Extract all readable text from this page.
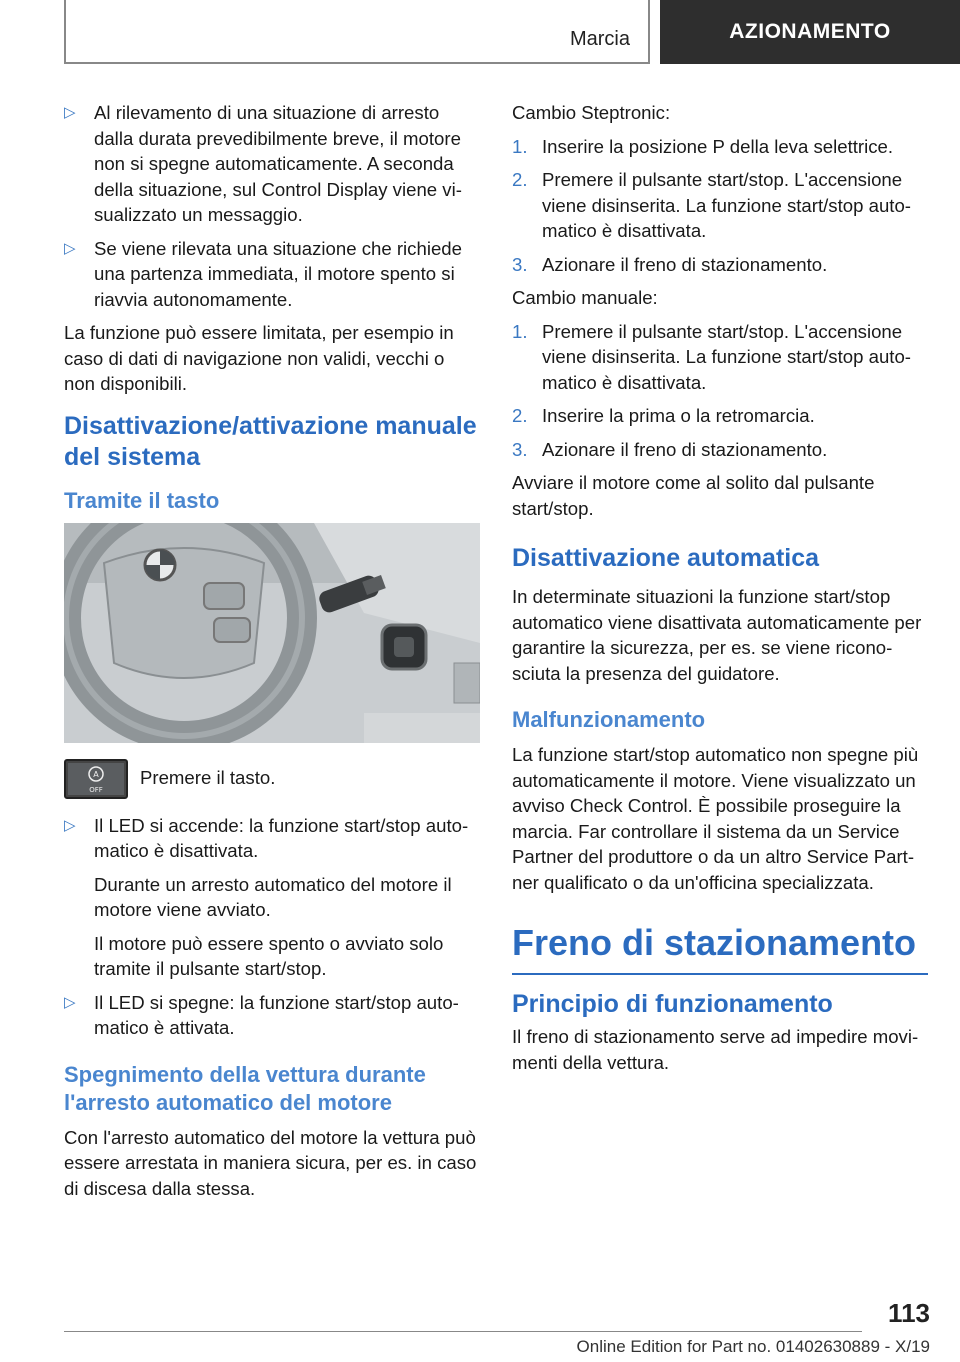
Marcia	AZIONAMENTO
▷ Al rilevamento di una situazione di arresto dalla durata prevedibilmente breve, il motore non si spegne automaticamente. A seconda della situazione, sul Control Display viene vi-sualizzato un messaggio.
▷ Se viene rilevata una situazione che richiede una partenza immediata, il motore spento si riavvia autonomamente.

La funzione può essere limitata, per esempio in caso di dati di navigazione non validi, vecchi o non disponibili.

Disattivazione/attivazione manuale del sistema
Tramite il tasto
A
OFF
Premere il tasto.
▷ Il LED si accende: la funzione start/stop auto-matico è disattivata.
Durante un arresto automatico del motore il motore viene avviato.
Il motore può essere spento o avviato solo tramite il pulsante start/stop.
▷ Il LED si spegne: la funzione start/stop auto-matico è attivata.
Spegnimento della vettura durante l'arresto automatico del motore

Con l'arresto automatico del motore la vettura può essere arrestata in maniera sicura, per es. in caso di discesa dalla stessa.

Cambio Steptronic:

1. Inserire la posizione P della leva selettrice.
2. Premere il pulsante start/stop. L'accensione viene disinserita. La funzione start/stop auto-matico è disattivata.
3. Azionare il freno di stazionamento.

Cambio manuale:

1. Premere il pulsante start/stop. L'accensione viene disinserita. La funzione start/stop auto-matico è disattivata.
2. Inserire la prima o la retromarcia.
3. Azionare il freno di stazionamento.

Avviare il motore come al solito dal pulsante start/stop.

Disattivazione automatica

In determinate situazioni la funzione start/stop automatico viene disattivata automaticamente per garantire la sicurezza, per es. se viene ricono-sciuta la presenza del guidatore.

Malfunzionamento

La funzione start/stop automatico non spegne più automaticamente il motore. Viene visualizzato un avviso Check Control. È possibile proseguire la marcia. Far controllare il sistema da un Service Partner del produttore o da un altro Service Part-ner qualificato o da un'officina specializzata.

Freno di stazionamento
Principio di funzionamento

Il freno di stazionamento serve ad impedire movi-menti della vettura.

113
Online Edition for Part no. 01402630889 - X/19
